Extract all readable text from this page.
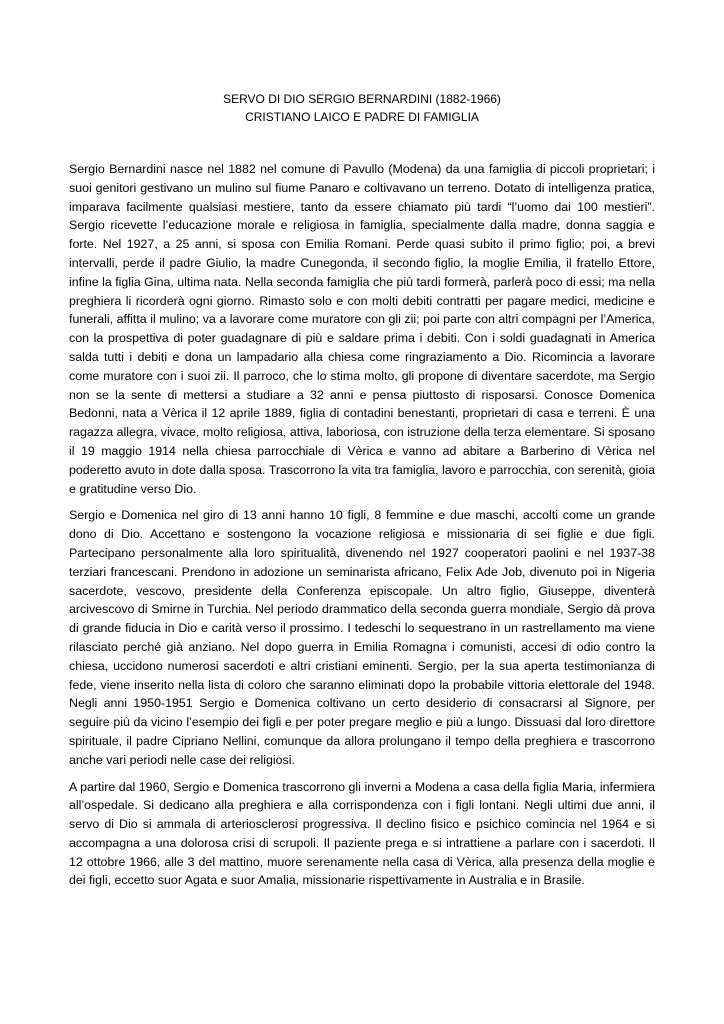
SERVO DI DIO SERGIO BERNARDINI (1882-1966)
CRISTIANO LAICO E PADRE DI FAMIGLIA

Sergio Bernardini nasce nel 1882 nel comune di Pavullo (Modena) da una famiglia di piccoli proprietari; i suoi genitori gestivano un mulino sul fiume Panaro e coltivavano un terreno. Dotato di intelligenza pratica, imparava facilmente qualsiasi mestiere, tanto da essere chiamato più tardi “l’uomo dai 100 mestieri”. Sergio ricevette l’educazione morale e religiosa in famiglia, specialmente dalla madre, donna saggia e forte. Nel 1927, a 25 anni, si sposa con Emilia Romani. Perde quasi subito il primo figlio; poi, a brevi intervalli, perde il padre Giulio, la madre Cunegonda, il secondo figlio, la moglie Emilia, il fratello Ettore, infine la figlia Gina, ultima nata. Nella seconda famiglia che più tardi formerà, parlerà poco di essi; ma nella preghiera li ricorderà ogni giorno. Rimasto solo e con molti debiti contratti per pagare medici, medicine e funerali, affitta il mulino; va a lavorare come muratore con gli zii; poi parte con altri compagni per l’America, con la prospettiva di poter guadagnare di più e saldare prima i debiti. Con i soldi guadagnati in America salda tutti i debiti e dona un lampadario alla chiesa come ringraziamento a Dio. Ricomincia a lavorare come muratore con i suoi zii. Il parroco, che lo stima molto, gli propone di diventare sacerdote, ma Sergio non se la sente di mettersi a studiare a 32 anni e pensa piuttosto di risposarsi. Conosce Domenica Bedonni, nata a Vèrica il 12 aprile 1889, figlia di contadini benestanti, proprietari di casa e terreni. È una ragazza allegra, vivace, molto religiosa, attiva, laboriosa, con istruzione della terza elementare. Si sposano il 19 maggio 1914 nella chiesa parrocchiale di Vèrica e vanno ad abitare a Barberino di Vèrica nel poderetto avuto in dote dalla sposa. Trascorrono la vita tra famiglia, lavoro e parrocchia, con serenità, gioia e gratitudine verso Dio.

Sergio e Domenica nel giro di 13 anni hanno 10 figli, 8 femmine e due maschi, accolti come un grande dono di Dio. Accettano e sostengono la vocazione religiosa e missionaria di sei figlie e due figli. Partecipano personalmente alla loro spiritualità, divenendo nel 1927 cooperatori paolini e nel 1937-38 terziari francescani. Prendono in adozione un seminarista africano, Felix Ade Job, divenuto poi in Nigeria sacerdote, vescovo, presidente della Conferenza episcopale. Un altro figlio, Giuseppe, diventerà arcivescovo di Smirne in Turchia. Nel periodo drammatico della seconda guerra mondiale, Sergio dà prova di grande fiducia in Dio e carità verso il prossimo. I tedeschi lo sequestrano in un rastrellamento ma viene rilasciato perché già anziano. Nel dopo guerra in Emilia Romagna i comunisti, accesi di odio contro la chiesa, uccidono numerosi sacerdoti e altri cristiani eminenti. Sergio, per la sua aperta testimonianza di fede, viene inserito nella lista di coloro che saranno eliminati dopo la probabile vittoria elettorale del 1948. Negli anni 1950-1951 Sergio e Domenica coltivano un certo desiderio di consacrarsi al Signore, per seguire più da vicino l’esempio dei figli e per poter pregare meglio e più a lungo. Dissuasi dal loro direttore spirituale, il padre Cipriano Nellini, comunque da allora prolungano il tempo della preghiera e trascorrono anche vari periodi nelle case dei religiosi.

A partire dal 1960, Sergio e Domenica trascorrono gli inverni a Modena a casa della figlia Maria, infermiera all’ospedale. Si dedicano alla preghiera e alla corrispondenza con i figli lontani. Negli ultimi due anni, il servo di Dio si ammala di arteriosclerosi progressiva. Il declino fisico e psichico comincia nel 1964 e si accompagna a una dolorosa crisi di scrupoli. Il paziente prega e si intrattiene a parlare con i sacerdoti. Il 12 ottobre 1966, alle 3 del mattino, muore serenamente nella casa di Vèrica, alla presenza della moglie e dei figli, eccetto suor Agata e suor Amalia, missionarie rispettivamente in Australia e in Brasile.
